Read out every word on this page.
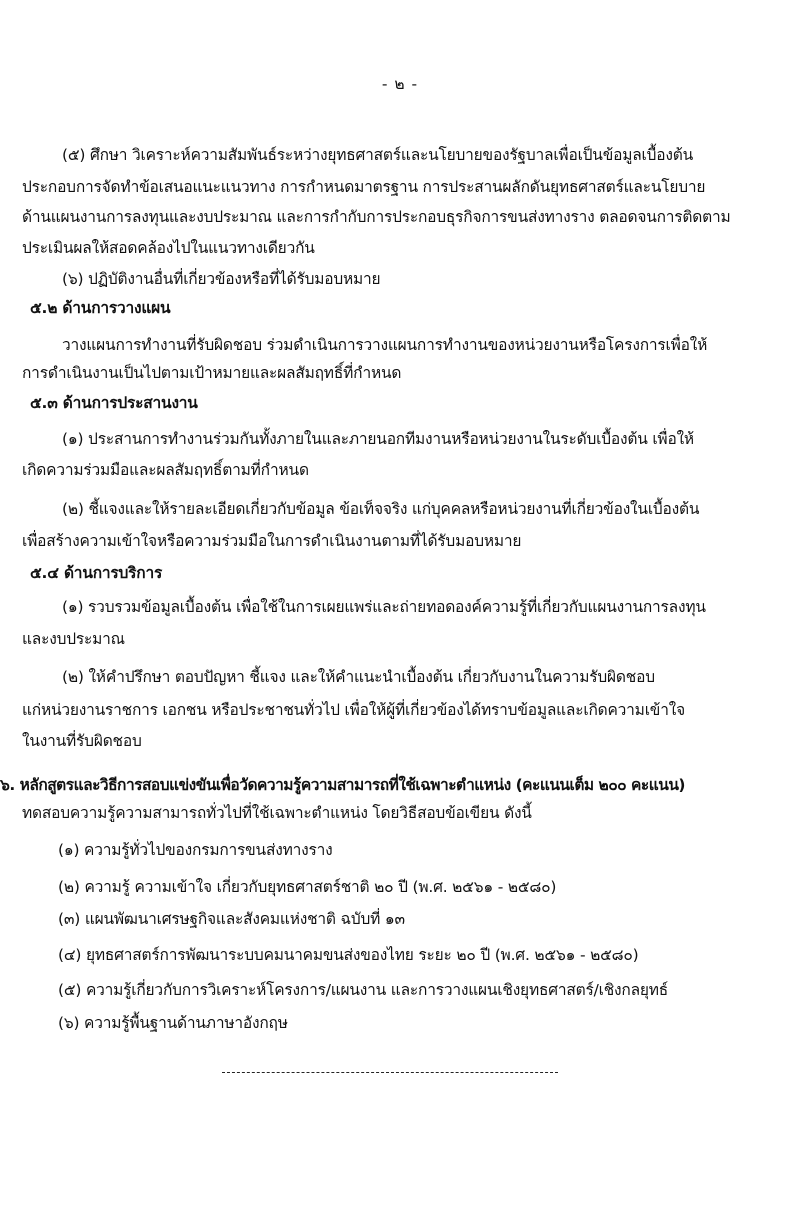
- ๒ -
(๕) ศึกษา วิเคราะห์ความสัมพันธ์ระหว่างยุทธศาสตร์และนโยบายของรัฐบาลเพื่อเป็นข้อมูลเบื้องต้น
ประกอบการจัดทำข้อเสนอแนะแนวทาง การกำหนดมาตรฐาน การประสานผลักดันยุทธศาสตร์และนโยบาย
ด้านแผนงานการลงทุนและงบประมาณ และการกำกับการประกอบธุรกิจการขนส่งทางราง ตลอดจนการติดตาม
ประเมินผลให้สอดคล้องไปในแนวทางเดียวกัน
(๖) ปฏิบัติงานอื่นที่เกี่ยวข้องหรือที่ได้รับมอบหมาย
๕.๒ ด้านการวางแผน
วางแผนการทำงานที่รับผิดชอบ ร่วมดำเนินการวางแผนการทำงานของหน่วยงานหรือโครงการเพื่อให้
การดำเนินงานเป็นไปตามเป้าหมายและผลสัมฤทธิ์ที่กำหนด
๕.๓ ด้านการประสานงาน
(๑) ประสานการทำงานร่วมกันทั้งภายในและภายนอกทีมงานหรือหน่วยงานในระดับเบื้องต้น เพื่อให้
เกิดความร่วมมือและผลสัมฤทธิ์ตามที่กำหนด
(๒) ชี้แจงและให้รายละเอียดเกี่ยวกับข้อมูล ข้อเท็จจริง แก่บุคคลหรือหน่วยงานที่เกี่ยวข้องในเบื้องต้น
เพื่อสร้างความเข้าใจหรือความร่วมมือในการดำเนินงานตามที่ได้รับมอบหมาย
๕.๔ ด้านการบริการ
(๑) รวบรวมข้อมูลเบื้องต้น เพื่อใช้ในการเผยแพร่และถ่ายทอดองค์ความรู้ที่เกี่ยวกับแผนงานการลงทุน
และงบประมาณ
(๒) ให้คำปรึกษา ตอบปัญหา ชี้แจง และให้คำแนะนำเบื้องต้น เกี่ยวกับงานในความรับผิดชอบ
แก่หน่วยงานราชการ เอกชน หรือประชาชนทั่วไป เพื่อให้ผู้ที่เกี่ยวข้องได้ทราบข้อมูลและเกิดความเข้าใจ
ในงานที่รับผิดชอบ
๖. หลักสูตรและวิธีการสอบแข่งขันเพื่อวัดความรู้ความสามารถที่ใช้เฉพาะตำแหน่ง (คะแนนเต็ม ๒๐๐ คะแนน)
ทดสอบความรู้ความสามารถทั่วไปที่ใช้เฉพาะตำแหน่ง โดยวิธีสอบข้อเขียน ดังนี้
(๑) ความรู้ทั่วไปของกรมการขนส่งทางราง
(๒) ความรู้ ความเข้าใจ เกี่ยวกับยุทธศาสตร์ชาติ ๒๐ ปี (พ.ศ. ๒๕๖๑ - ๒๕๘๐)
(๓) แผนพัฒนาเศรษฐกิจและสังคมแห่งชาติ ฉบับที่ ๑๓
(๔) ยุทธศาสตร์การพัฒนาระบบคมนาคมขนส่งของไทย ระยะ ๒๐ ปี (พ.ศ. ๒๕๖๑ - ๒๕๘๐)
(๕) ความรู้เกี่ยวกับการวิเคราะห์โครงการ/แผนงาน และการวางแผนเชิงยุทธศาสตร์/เชิงกลยุทธ์
(๖) ความรู้พื้นฐานด้านภาษาอังกฤษ
